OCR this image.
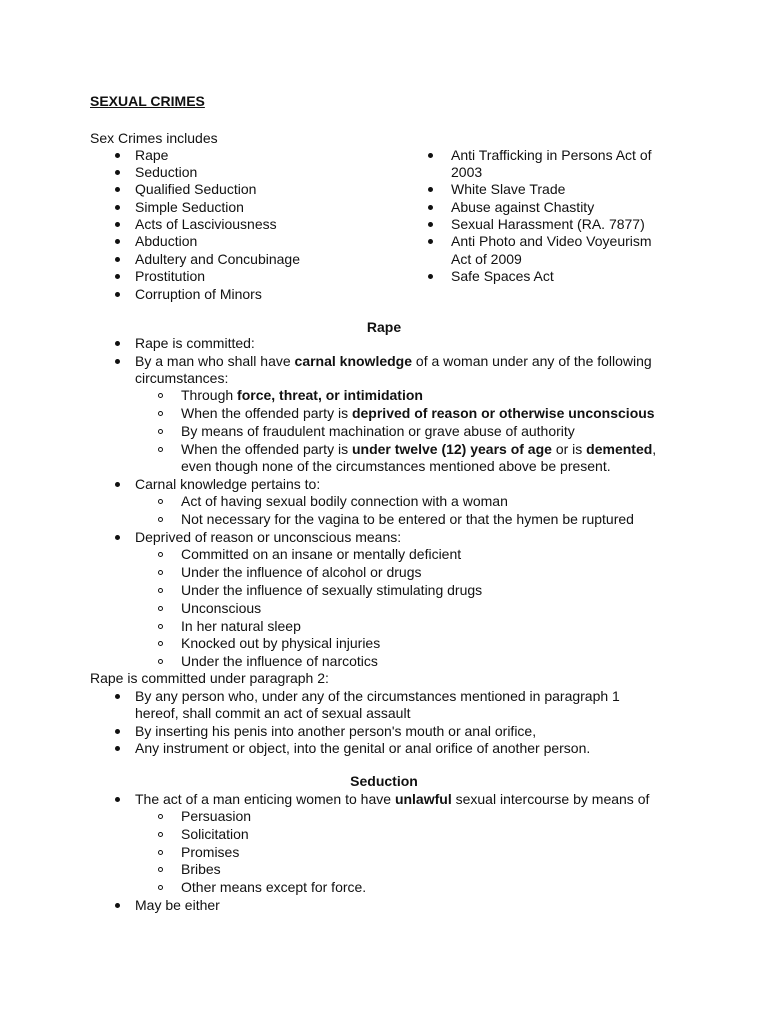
SEXUAL CRIMES
Sex Crimes includes
Rape
Seduction
Qualified Seduction
Simple Seduction
Acts of Lasciviousness
Abduction
Adultery and Concubinage
Prostitution
Corruption of Minors
Anti Trafficking in Persons Act of
2003
White Slave Trade
Abuse against Chastity
Sexual Harassment (RA. 7877)
Anti Photo and Video Voyeurism
Act of 2009
Safe Spaces Act
Rape
Rape is committed:
By a man who shall have carnal knowledge of a woman under any of the following
circumstances:
Through force, threat, or intimidation
When the offended party is deprived of reason or otherwise unconscious
By means of fraudulent machination or grave abuse of authority
When the offended party is under twelve (12) years of age or is demented,
even though none of the circumstances mentioned above be present.
Carnal knowledge pertains to:
Act of having sexual bodily connection with a woman
Not necessary for the vagina to be entered or that the hymen be ruptured
Deprived of reason or unconscious means:
Committed on an insane or mentally deficient
Under the influence of alcohol or drugs
Under the influence of sexually stimulating drugs
Unconscious
In her natural sleep
Knocked out by physical injuries
Under the influence of narcotics
Rape is committed under paragraph 2:
By any person who, under any of the circumstances mentioned in paragraph 1
hereof, shall commit an act of sexual assault
By inserting his penis into another person's mouth or anal orifice,
Any instrument or object, into the genital or anal orifice of another person.
Seduction
The act of a man enticing women to have unlawful sexual intercourse by means of
Persuasion
Solicitation
Promises
Bribes
Other means except for force.
May be either
